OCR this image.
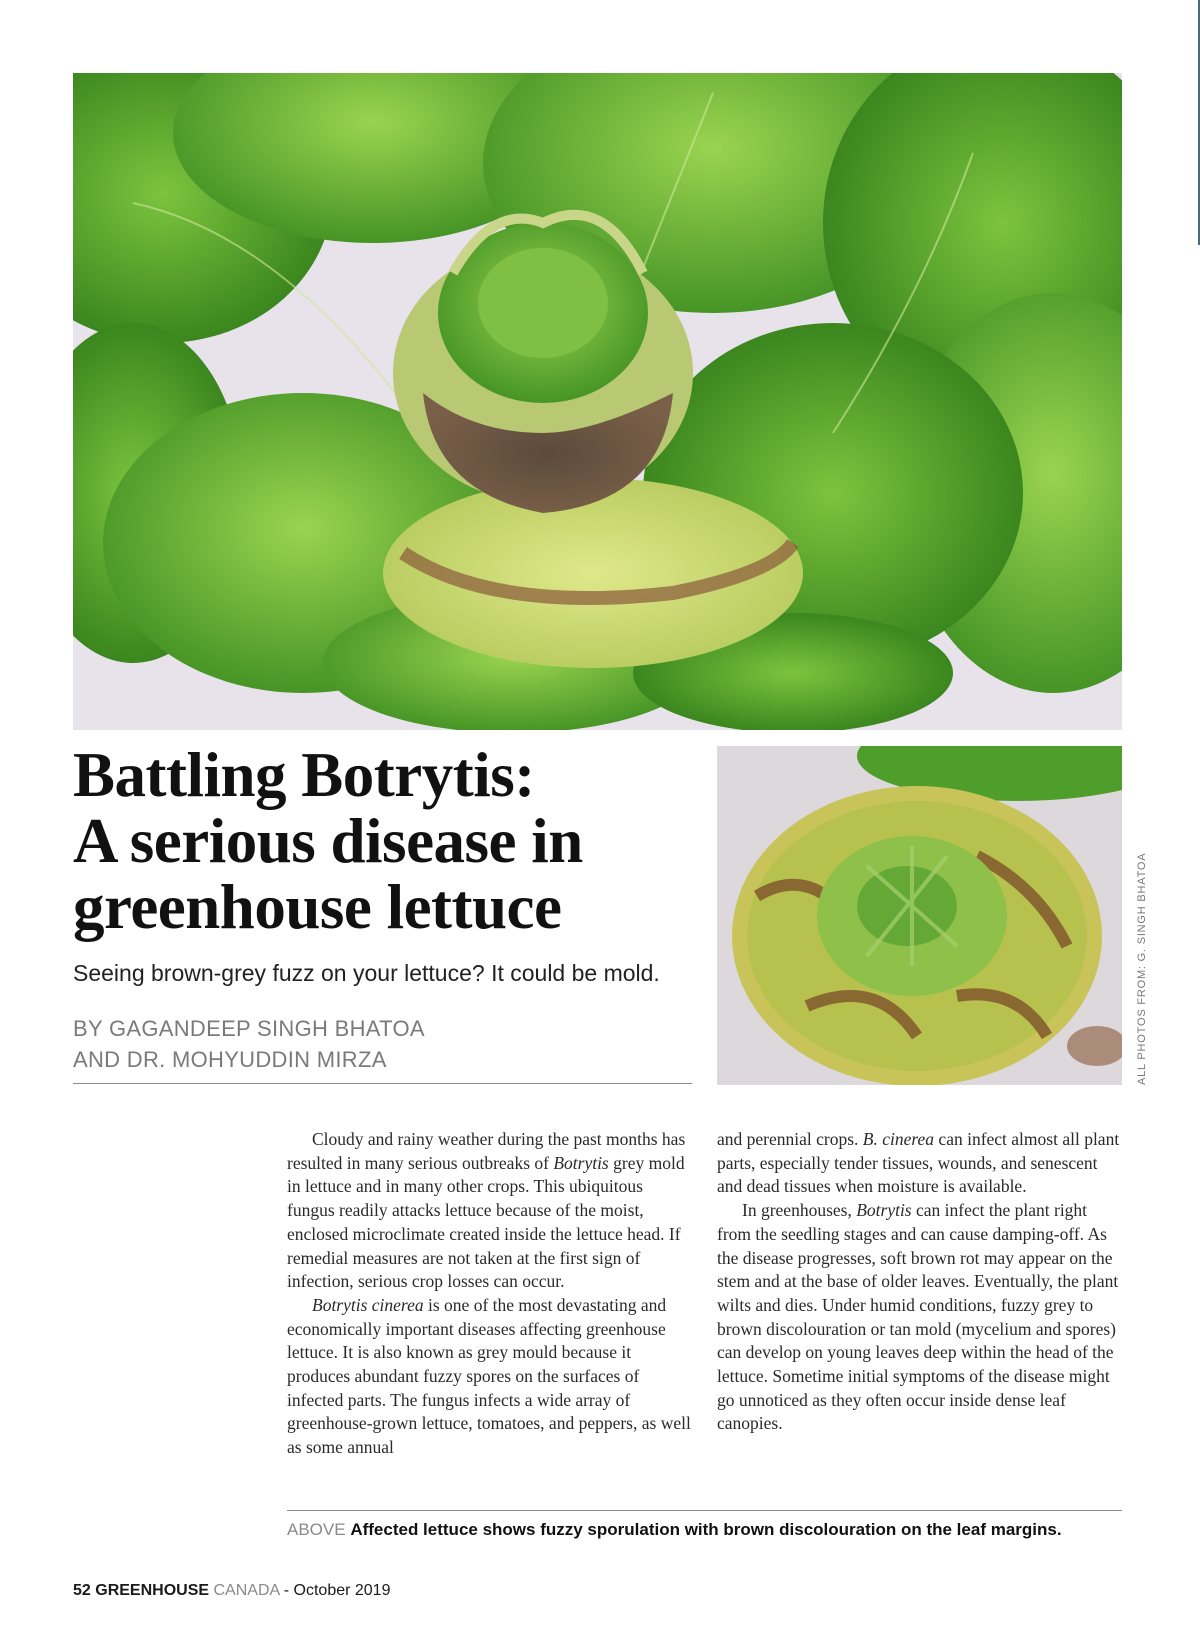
Battling Botrytis:
A serious disease in
greenhouse lettuce

Seeing brown-grey fuzz on your lettuce? It could be mold.

BY GAGANDEEP SINGH BHATOA
AND DR. MOHYUDDIN MIRZA	ALL PHOTOS FROM: G. SINGH BHATOA

Cloudy and rainy weather during the past months has resulted in many serious outbreaks of Botrytis grey mold in lettuce and in many other crops. This ubiquitous fungus readily attacks lettuce because of the moist, enclosed microclimate created inside the lettuce head. If remedial measures are not taken at the first sign of infection, serious crop losses can occur.

Botrytis cinerea is one of the most devastating and economically important diseases affecting greenhouse lettuce. It is also known as grey mould because it produces abundant fuzzy spores on the surfaces of infected parts. The fungus infects a wide array of greenhouse-grown lettuce, tomatoes, and peppers, as well as some annual

and perennial crops. B. cinerea can infect almost all plant parts, especially tender tissues, wounds, and senescent and dead tissues when moisture is available.

In greenhouses, Botrytis can infect the plant right from the seedling stages and can cause damping-off. As the disease progresses, soft brown rot may appear on the stem and at the base of older leaves. Eventually, the plant wilts and dies. Under humid conditions, fuzzy grey to brown discolouration or tan mold (mycelium and spores) can develop on young leaves deep within the head of the lettuce. Sometime initial symptoms of the disease might go unnoticed as they often occur inside dense leaf canopies.

ABOVE Affected lettuce shows fuzzy sporulation with brown discolouration on the leaf margins.

52 GREENHOUSE CANADA - October 2019
